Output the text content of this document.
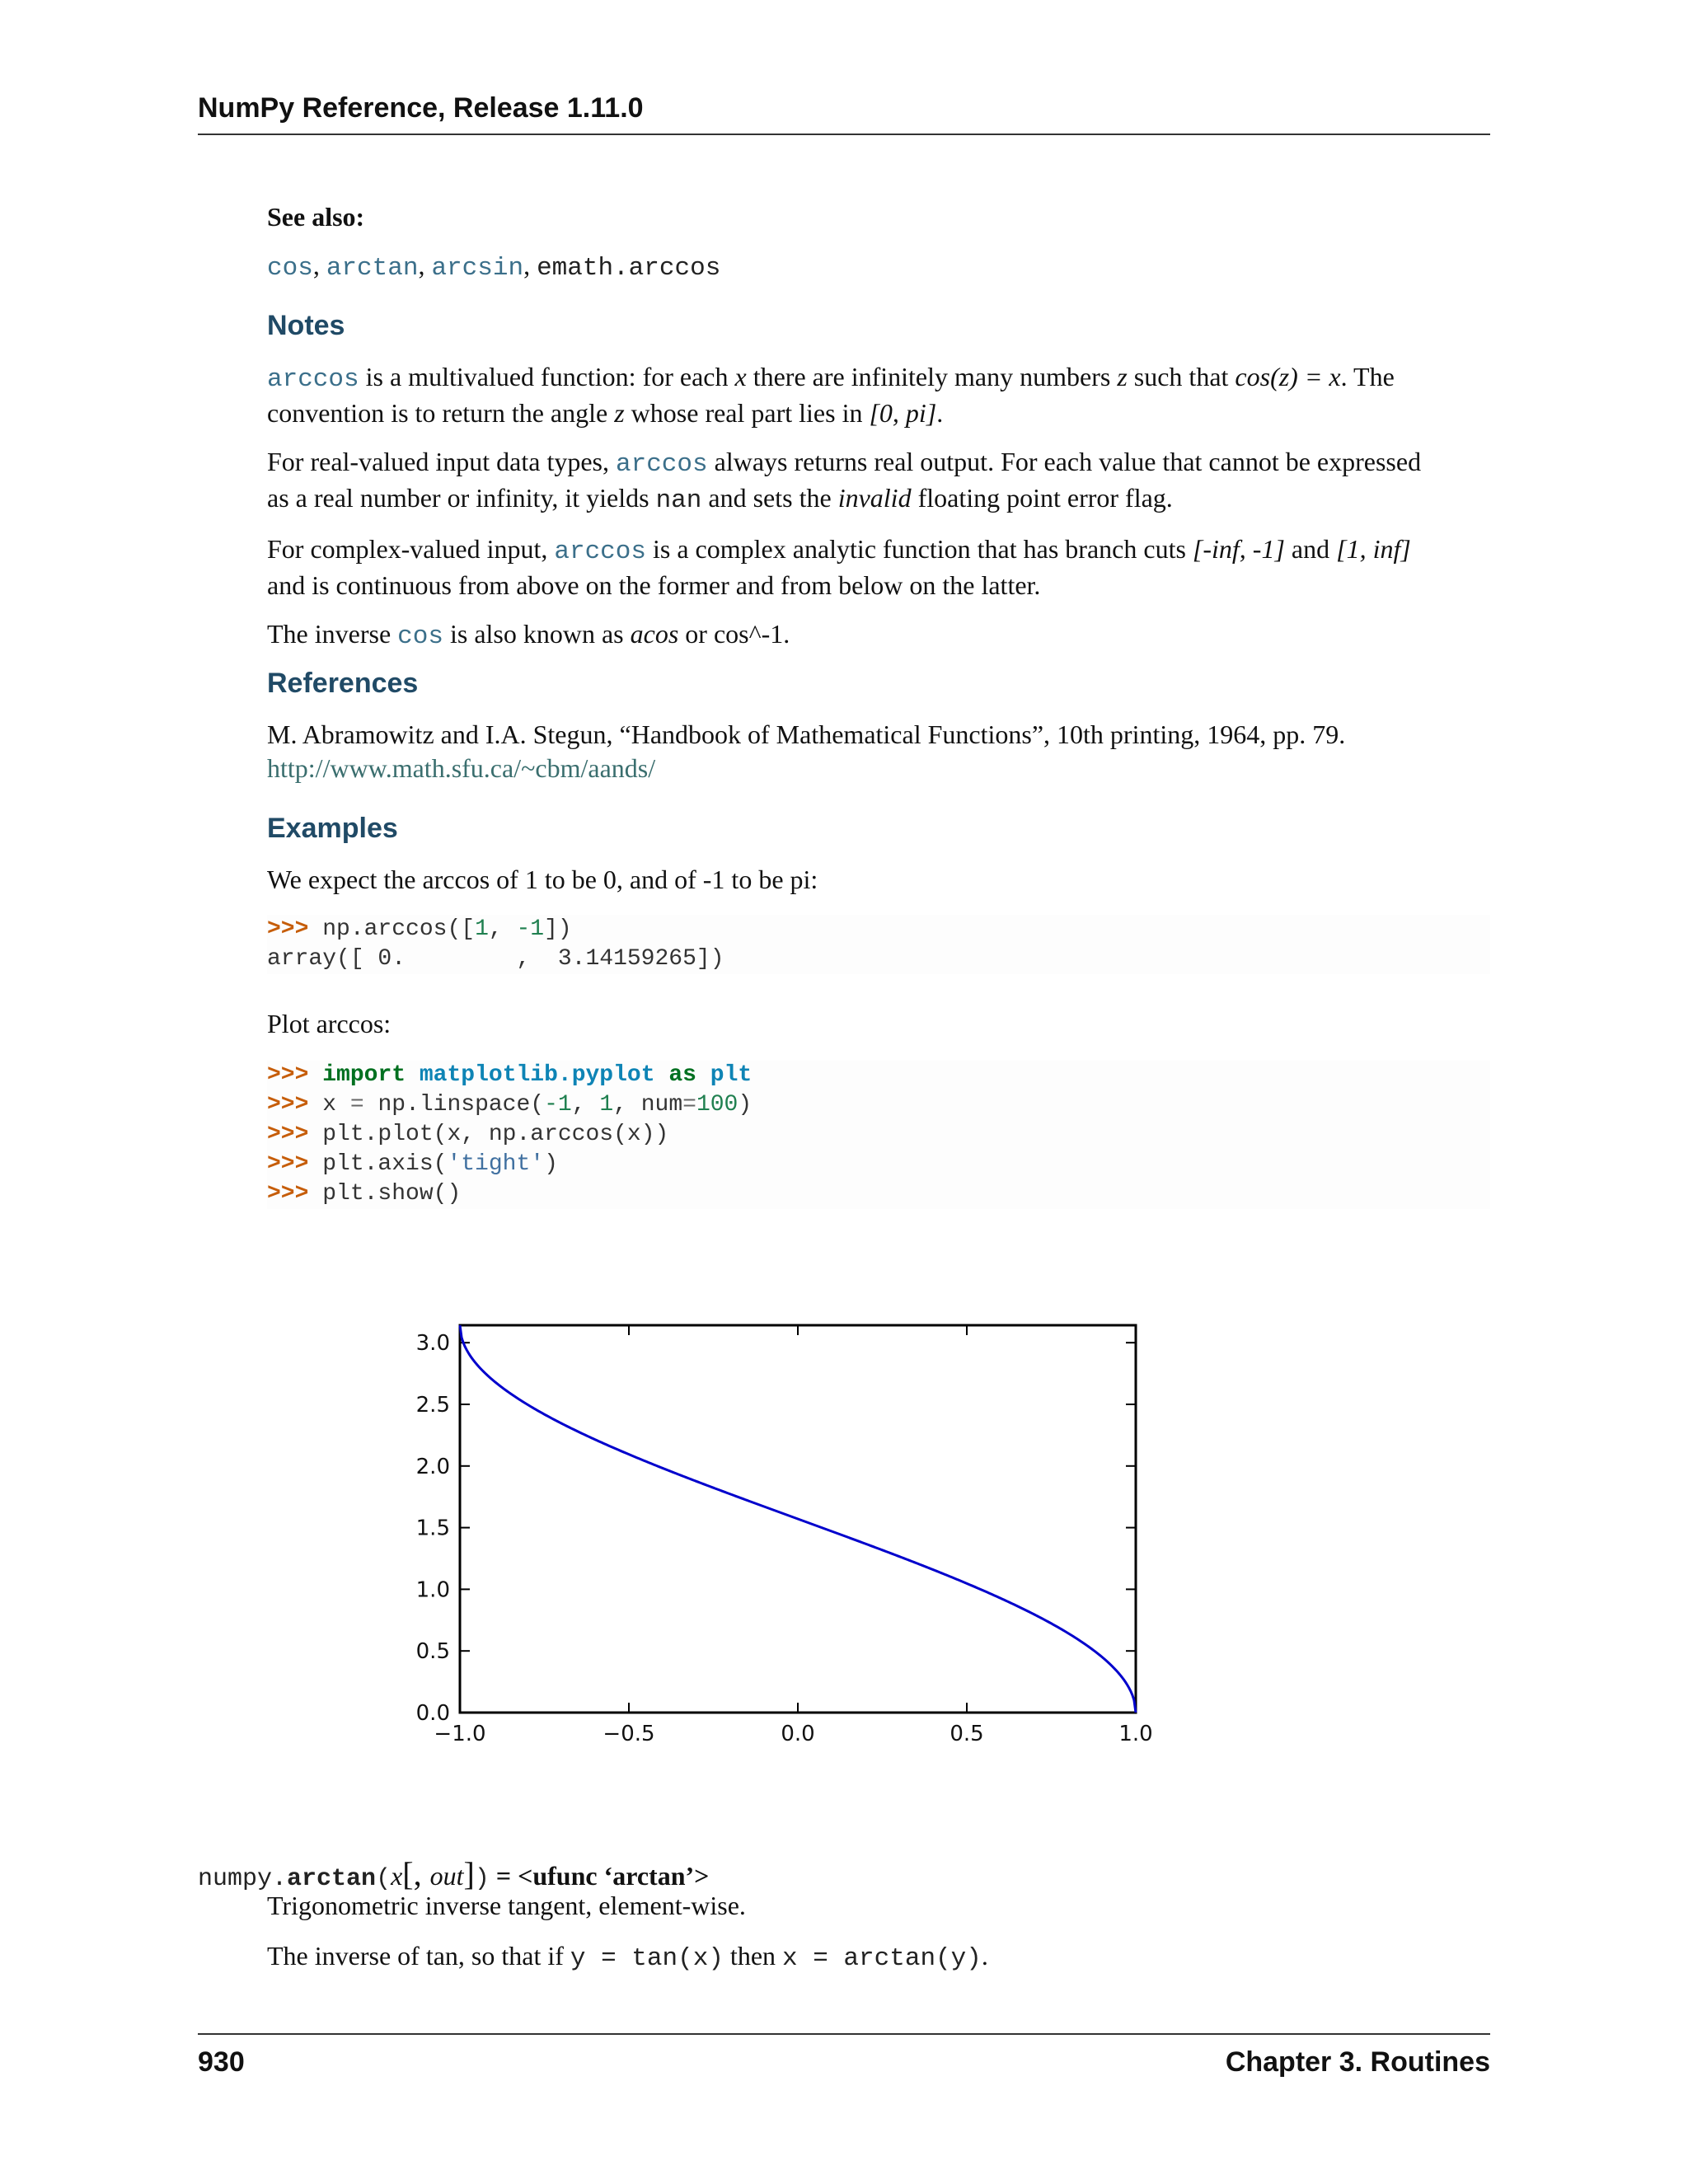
NumPy Reference, Release 1.11.0

See also:

cos, arctan, arcsin, emath.arccos

Notes

arccos is a multivalued function: for each x there are infinitely many numbers z such that cos(z) = x. The
convention is to return the angle z whose real part lies in [0, pi].

For real-valued input data types, arccos always returns real output. For each value that cannot be expressed
as a real number or infinity, it yields nan and sets the invalid floating point error flag.

For complex-valued input, arccos is a complex analytic function that has branch cuts [-inf, -1] and [1, inf]
and is continuous from above on the former and from below on the latter.

The inverse cos is also known as acos or cos^-1.

References

M. Abramowitz and I.A. Stegun, “Handbook of Mathematical Functions”, 10th printing, 1964, pp. 79.
http://www.math.sfu.ca/~cbm/aands/

Examples

We expect the arccos of 1 to be 0, and of -1 to be pi:

>>> np.arccos([1, -1])
array([ 0.        ,  3.14159265])

Plot arccos:

>>> import matplotlib.pyplot as plt
>>> x = np.linspace(-1, 1, num=100)
>>> plt.plot(x, np.arccos(x))
>>> plt.axis('tight')
>>> plt.show()
0.0
0.5
1.0
1.5
2.0
2.5
3.0
−1.0	−0.5	0.0	0.5	1.0
numpy.arctan(x[, out]) = <ufunc ‘arctan’>

Trigonometric inverse tangent, element-wise.

The inverse of tan, so that if y = tan(x) then x = arctan(y).

930	Chapter 3. Routines
